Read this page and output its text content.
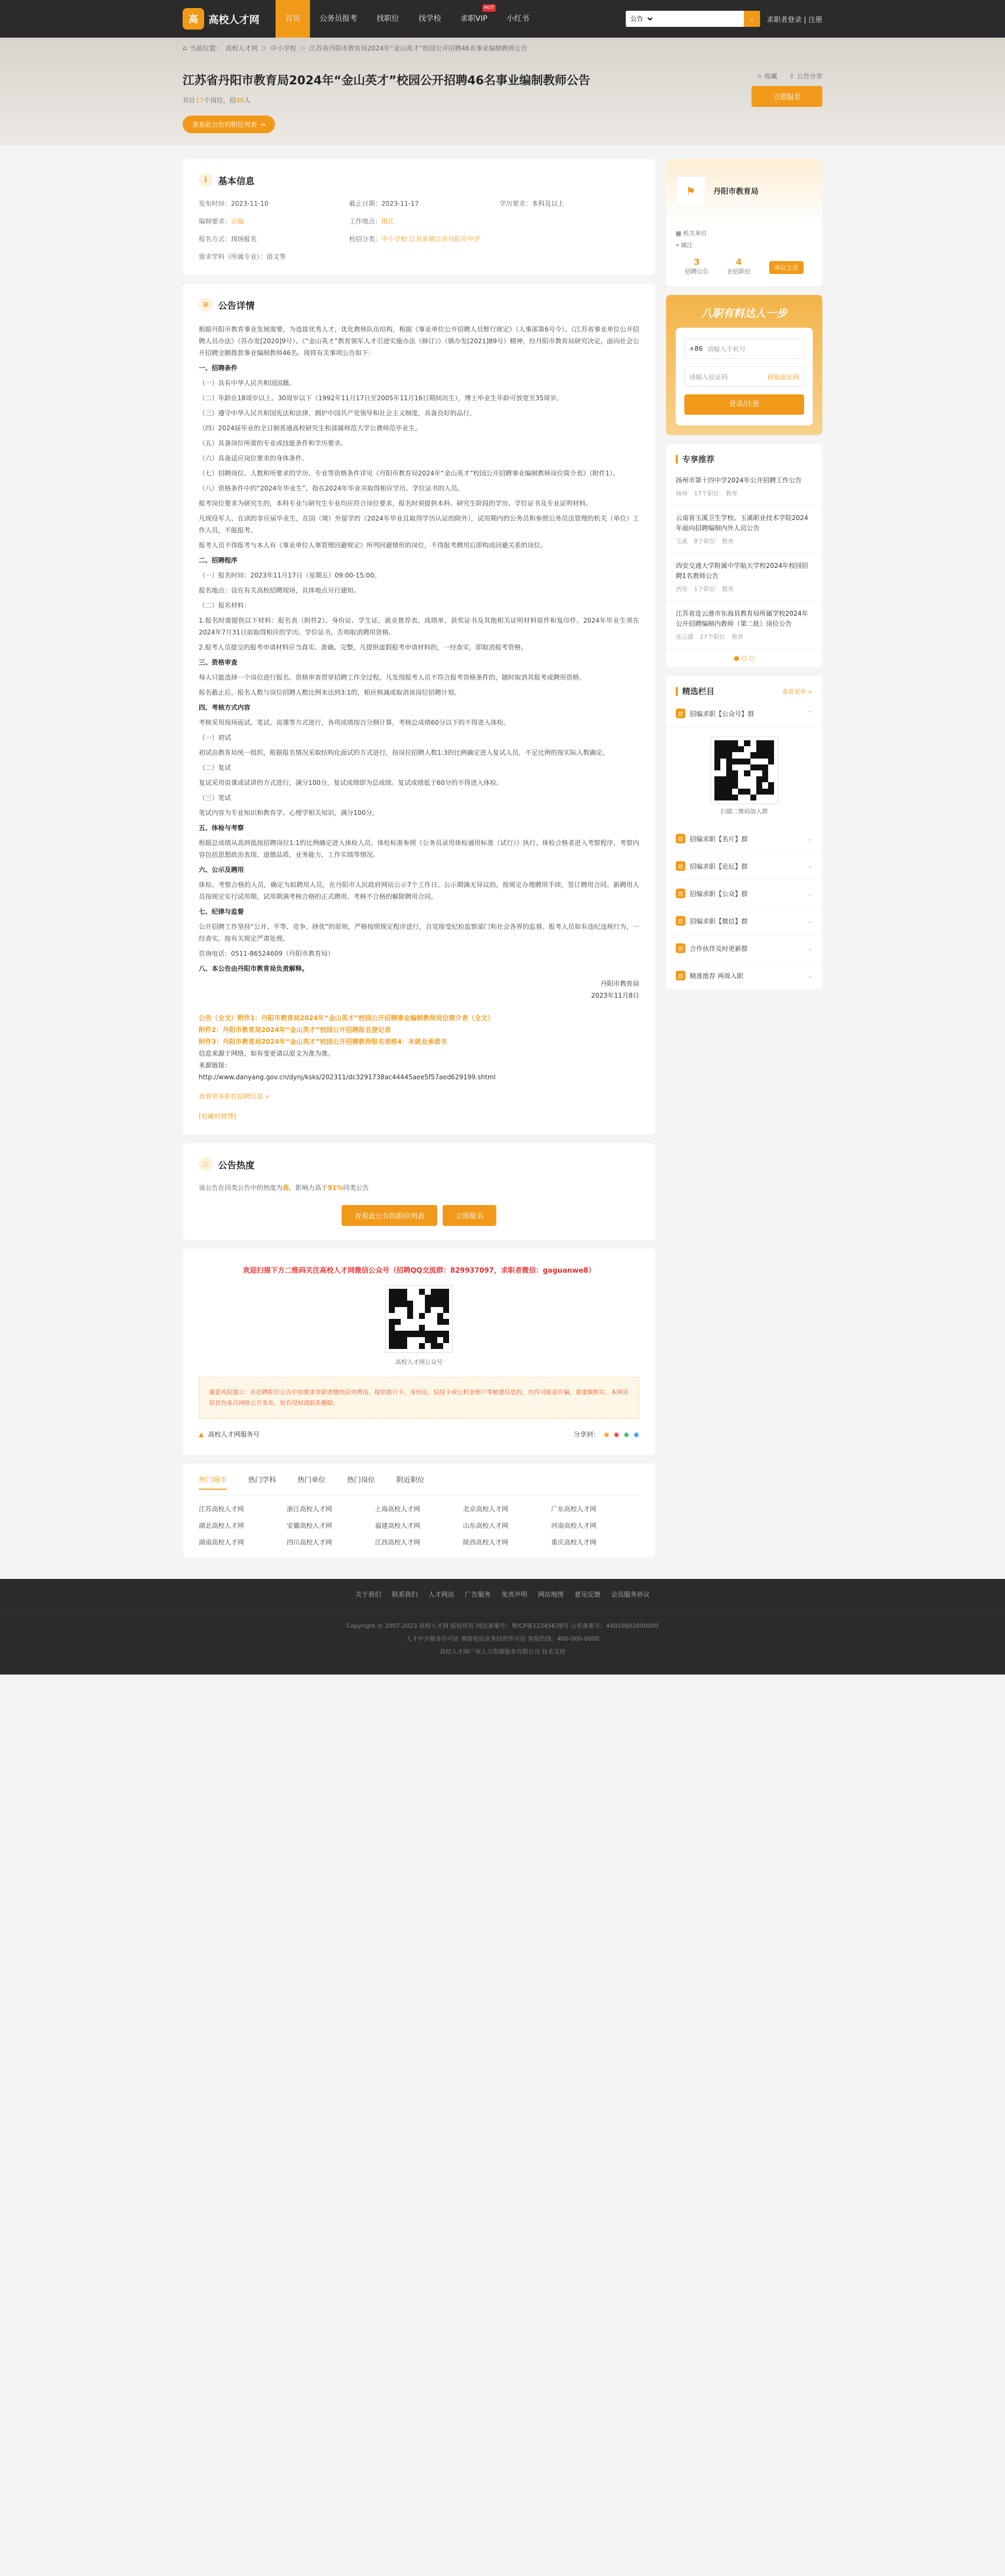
高	高校人才网	首页	公务员报考	找职位	找学校	求职VIP
HOT
小红书
公告	⌕ 求职者登录 | 注册
⌂ 当前位置： 高校人才网 ＞ 中小学校 ＞ 江苏省丹阳市教育局2024年“金山英才”校园公开招聘46名事业编制教师公告
江苏省丹阳市教育局2024年“金山英才”校园公开招聘46名事业编制教师公告
共计17个岗位，招46人
☆ 收藏 ⇪ 公告分享
立即报名
查看此公告的职位列表 →
i	基本信息
发布时间：2023-11-10	截止日期：2023-11-17	学历要求：本科及以上
编制要求：正编	工作地点：镇江
报名方式：现场报名	校招分类：中小学校 江苏省镇江市丹阳市中学
需求学科（所属专业）：语文等
≡	公告详情

根据丹阳市教育事业发展需要，为选拔优秀人才，优化教师队伍结构，根据《事业单位公开招聘人员暂行规定》（人事部第6号令）、《江苏省事业单位公开招聘人员办法》（苏办发[2020]9号）、《“金山英才”教育领军人才引进实施办法（修订）》（镇办发[2021]89号）精神，经丹阳市教育局研究决定，面向社会公开招聘全额拨款事业编制教师46名。现将有关事项公告如下：

一、招聘条件

（一）具有中华人民共和国国籍。

（二）年龄在18周岁以上、30周岁以下（1992年11月17日至2005年11月16日期间出生），博士毕业生年龄可放宽至35周岁。

（三）遵守中华人民共和国宪法和法律，拥护中国共产党领导和社会主义制度，具备良好的品行。

（四）2024届毕业的全日制普通高校研究生和部属师范大学公费师范毕业生。

（五）具备岗位所需的专业或技能条件和学历要求。

（六）具备适应岗位要求的身体条件。

（七）招聘岗位、人数和所要求的学历、专业等资格条件详见《丹阳市教育局2024年“金山英才”校园公开招聘事业编制教师岗位简介表》（附件1）。

（八）资格条件中的“2024年毕业生”，指在2024年毕业并取得相应学历、学位证书的人员。

报考岗位要求为研究生的，本科专业与研究生专业均应符合岗位要求，报名时须提供本科、研究生阶段的学历、学位证书及专业证明材料。

凡现役军人、在读的非应届毕业生，在国（境）外留学的（2024年毕业且取得学历认证的除外），试用期内的公务员和参照公务员法管理的机关（单位）工作人员，不能报考。

报考人员不得报考与本人有《事业单位人事管理回避规定》所列回避情形的岗位，不得报考聘用后即构成回避关系的岗位。

二、招聘程序

（一）报名时间：2023年11月17日（星期五）09:00-15:00。

报名地点：设在有关高校招聘现场，具体地点另行通知。

（二）报名材料：

1.报名时需提供以下材料：报名表（附件2）、身份证、学生证、就业推荐表、成绩单、获奖证书及其他相关证明材料原件和复印件。2024年毕业生须在2024年7月31日前取得相应的学历、学位证书，否则取消聘用资格。

2.报考人员提交的报考申请材料应当真实、准确、完整，凡提供虚假报考申请材料的，一经查实，即取消报考资格。

三、资格审查

每人只能选择一个岗位进行报名。资格审查贯穿招聘工作全过程，凡发现报考人员不符合报考资格条件的，随时取消其报考或聘用资格。

报名截止后，报名人数与岗位招聘人数比例未达到3:1的，相应核减或取消该岗位招聘计划。

四、考核方式内容

考核采用现场面试、笔试、说课等方式进行，各项成绩按百分制计算，考核总成绩60分以下的不得进入体检。

（一）初试

初试由教育局统一组织，根据报名情况采取结构化面试的方式进行，按岗位招聘人数1:3的比例确定进入复试人员，不足比例的按实际人数确定。

（二）复试

复试采用说课或试讲的方式进行，满分100分，复试成绩即为总成绩。复试成绩低于60分的不得进入体检。

（三）笔试

笔试内容为专业知识和教育学、心理学相关知识，满分100分。

五、体检与考察

根据总成绩从高到低按招聘岗位1:1的比例确定进入体检人员。体检标准参照《公务员录用体检通用标准（试行）》执行。体检合格者进入考察程序，考察内容包括思想政治表现、道德品质、业务能力、工作实绩等情况。

六、公示及聘用

体检、考察合格的人员，确定为拟聘用人员，在丹阳市人民政府网站公示7个工作日。公示期满无异议的，按规定办理聘用手续，签订聘用合同。新聘用人员按规定实行试用期，试用期满考核合格的正式聘用，考核不合格的解除聘用合同。

七、纪律与监督

公开招聘工作坚持“公开、平等、竞争、择优”的原则，严格按照规定程序进行，自觉接受纪检监察部门和社会各界的监督。报考人员如有违纪违规行为，一经查实，按有关规定严肃处理。

咨询电话：0511-86524609（丹阳市教育局）

八、本公告由丹阳市教育局负责解释。

丹阳市教育局
2023年11月8日

公告（全文）附件1：丹阳市教育局2024年“金山英才”校园公开招聘事业编制教师岗位简介表（全文）

附件2：丹阳市教育局2024年“金山英才”校园公开招聘报名登记表

附件3：丹阳市教育局2024年“金山英才”校园公开招聘教师报名表格4：未就业承诺书

信息来源于网络，如有变更请以原文为准为准。

来源链接：

http://www.danyang.gov.cn/dynj/ksks/202311/dc3291738ac44445aee5f57aed629199.shtml

查看更多职位招聘信息 »

[收藏到微博]

♨ 公告热度
该公告在同类公告中的热度为高，影响力高于91%同类公告
查看此公告的职位列表	立即报名
欢迎扫描下方二维码关注高校人才网微信公众号（招聘QQ交流群：829937097，求职者微信：gaguanwe8）
高校人才网公众号
重要风险提示：在招聘职位公告中如要求求职者缴纳任何费用、提供银行卡、身份证、信用卡或公积金账户等敏感信息的，均有可能是诈骗，请谨慎核实。本网站信息均来自网络公开发布，如有侵权请联系删除。
▲ 高校人才网服务号	分享到： ◉ ◉ ◉ ◉
热门城市	热门学科	热门单位	热门岗位	附近职位
江苏高校人才网	浙江高校人才网	上海高校人才网	北京高校人才网	广东高校人才网
湖北高校人才网	安徽高校人才网	福建高校人才网	山东高校人才网	河南高校人才网
湖南高校人才网	四川高校人才网	江西高校人才网	陕西高校人才网	重庆高校人才网
⚑	丹阳市教育局
▦ 机关单位
⌖ 镇江
3
招聘公告
4
在招职位
单位主页
八职有料达人一步
+86 请输入手机号
请输入验证码	获取验证码
登录/注册
专享推荐
扬州市第十四中学2024年公开招聘工作公告
扬州 17个职位 教育
云南省玉溪卫生学校、玉溪职业技术学院2024年面向招聘编制内外人员公告
玉溪 8个职位 教育
西安交通大学附属中学航天学校2024年校园招聘1名教师公告
西安 1个职位 教育
江苏省连云港市东海县教育局所属学校2024年公开招聘编制内教师（第二批）岗位公告
连云港 27个职位 教育
● ○ ○
精选栏目	查看更多 >
群	招编求职【公众号】群	⌃
扫描二维码加入群
群	招编求职【名片】群	⌄
群	招编求职【论坛】群	⌄
群	招编求职【公众】群	⌄
群	招编求职【微信】群	⌄
群	合作伙伴及时更新群	⌄
群	精准推荐 两周入职	⌄
关于我们 联系我们 人才网站 广告服务 免责声明 网站地图 意见反馈 会员服务协议
Copyright © 2007-2023 高校人才网 版权所有 网站备案号：粤ICP备12345678号 公安备案号：44010602000000
人才中介服务许可证 增值电信业务经营许可证 客服热线：400-000-0000
高校人才网广州人力资源服务有限公司 技术支持
